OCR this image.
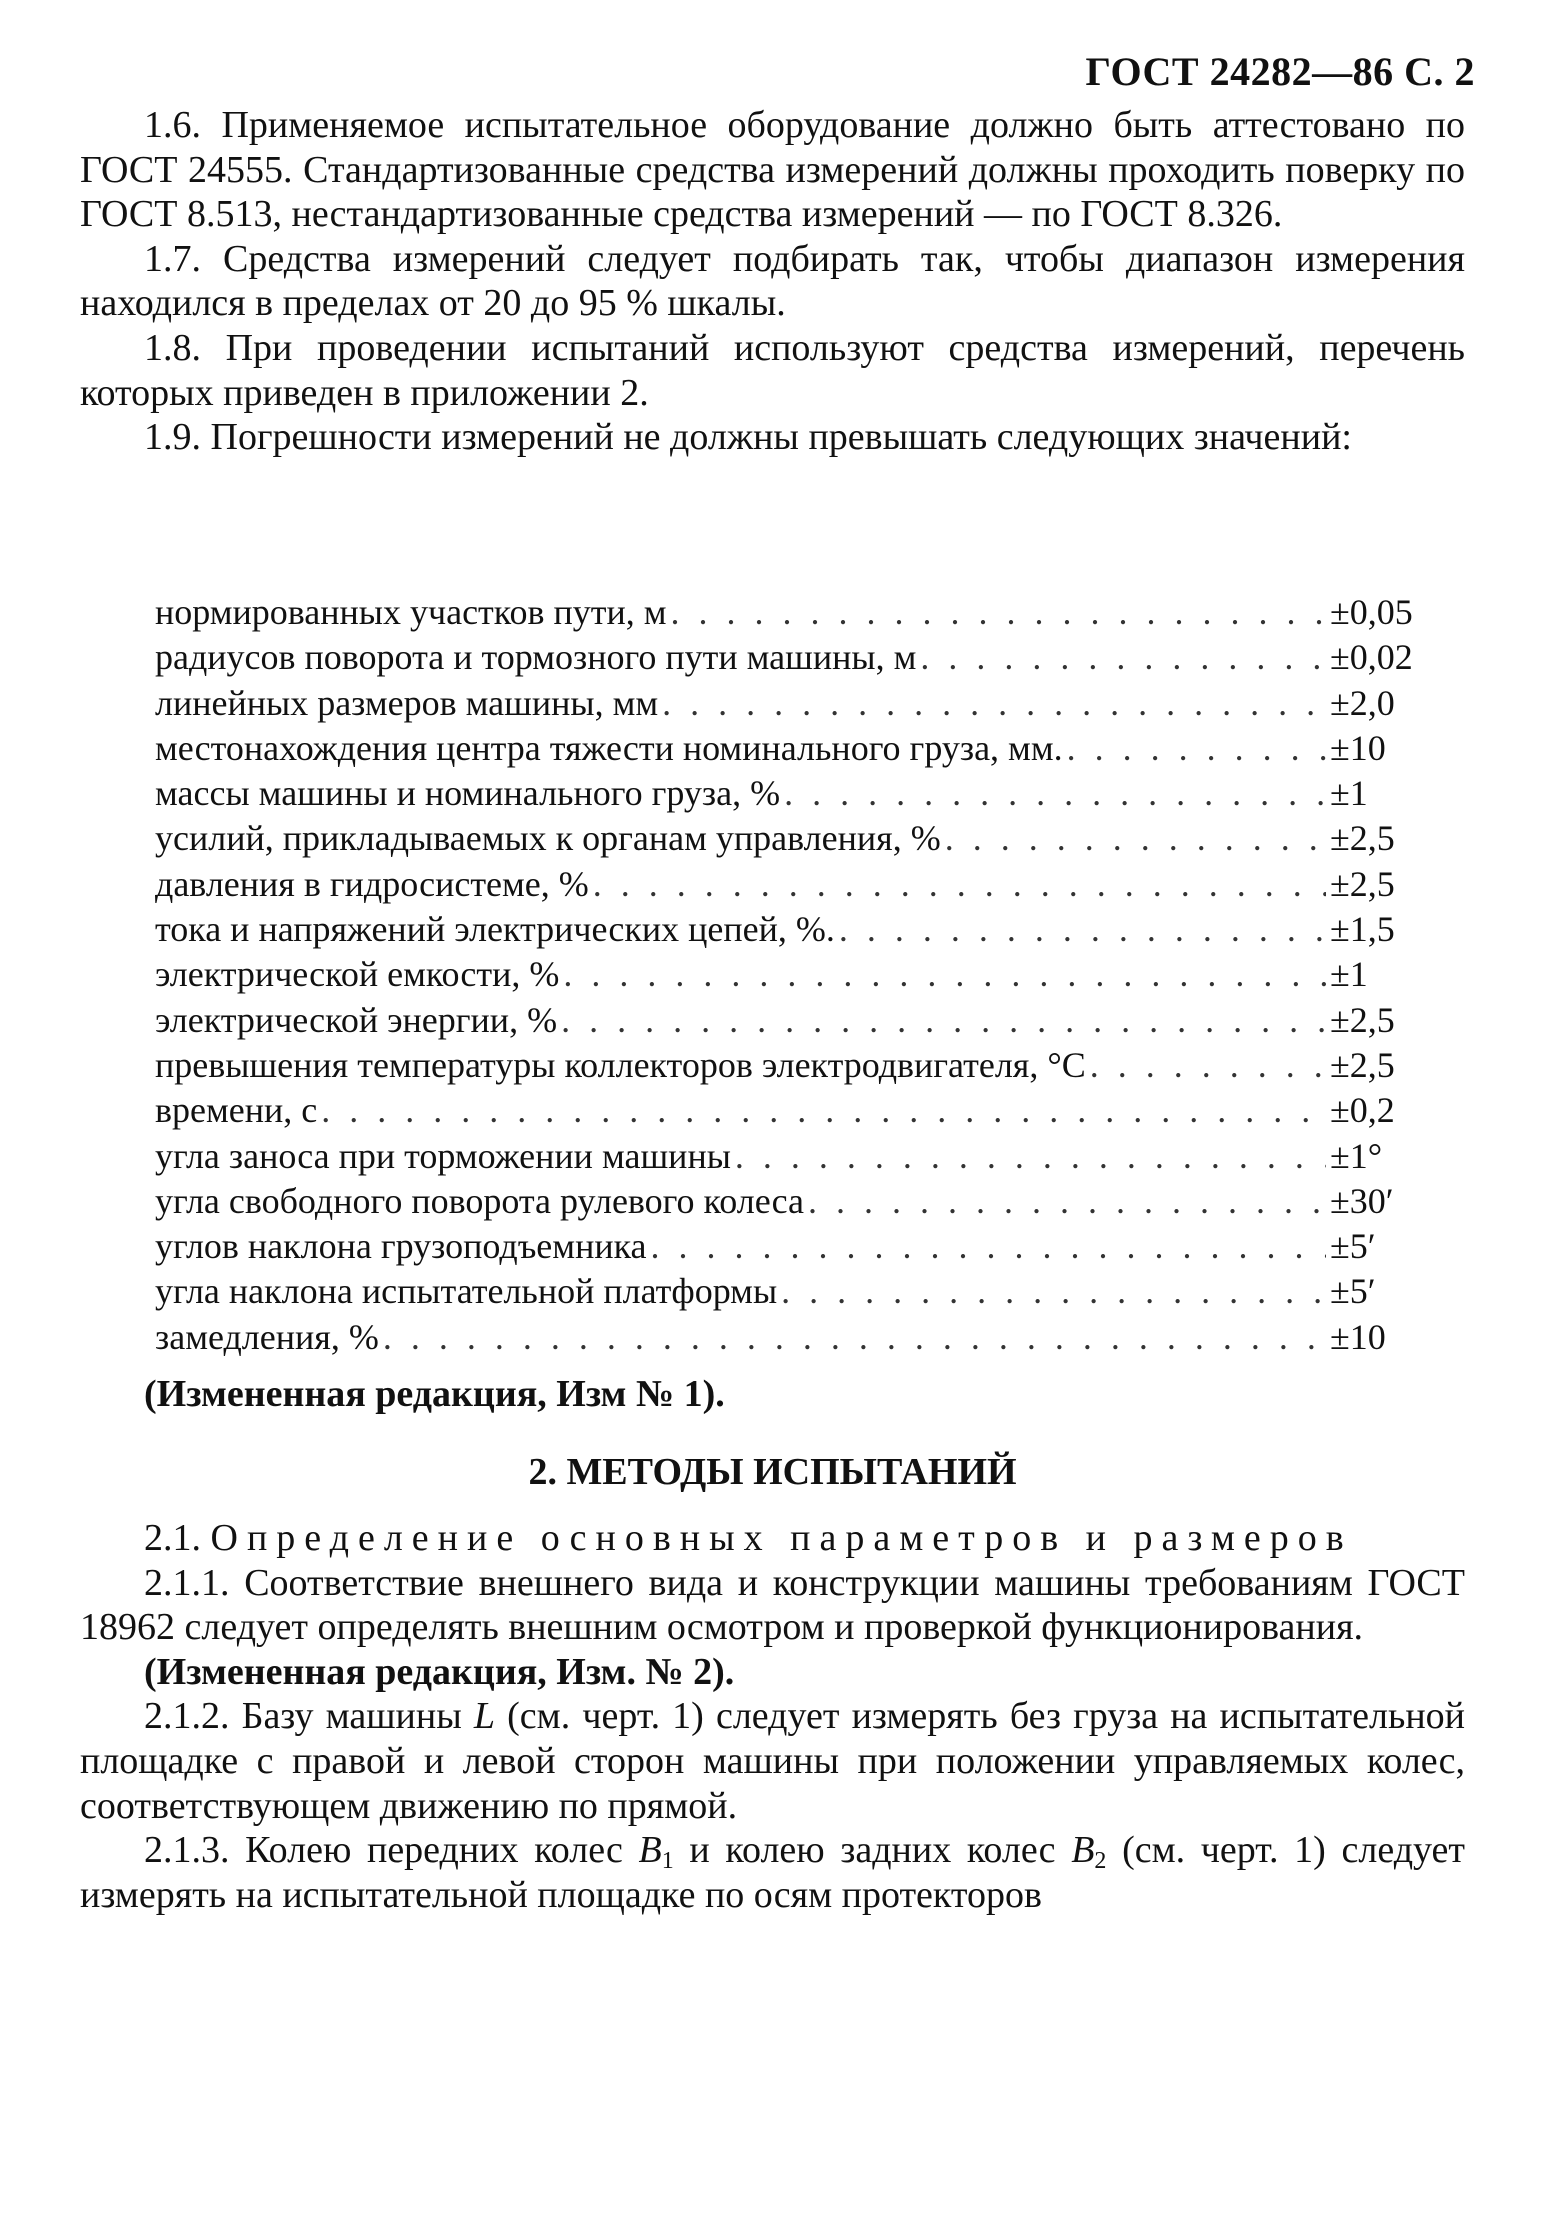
ГОСТ 24282—86 С. 2

1.6. Применяемое испытательное оборудование должно быть аттестовано по ГОСТ 24555. Стандартизованные средства измерений должны проходить поверку по ГОСТ 8.513, нестандартизованные средства измерений — по ГОСТ 8.326.

1.7. Средства измерений следует подбирать так, чтобы диапазон измерения находился в пределах от 20 до 95 % шкалы.

1.8. При проведении испытаний используют средства измерений, перечень которых приведен в приложении 2.

1.9. Погрешности измерений не должны превышать следующих значений:

нормированных участков пути, м . . .	±0,05
радиусов поворота и тормозного пути машины, м . . .	±0,02
линейных размеров машины, мм . . .	±2,0
местонахождения центра тяжести номинального груза, мм. . . .	±10
массы машины и номинального груза, % . . .	±1
усилий, прикладываемых к органам управления, % . . .	±2,5
давления в гидросистеме, % . . .	±2,5
тока и напряжений электрических цепей, %. . . .	±1,5
электрической емкости, % . . .	±1
электрической энергии, % . . .	±2,5
превышения температуры коллекторов электродвигателя, °С . . .	±2,5
времени, с . . .	±0,2
угла заноса при торможении машины . . .	±1°
угла свободного поворота рулевого колеса . . .	±30′
углов наклона грузоподъемника . . .	±5′
угла наклона испытательной платформы . . .	±5′
замедления, % . . .	±10

(Измененная редакция, Изм № 1).

2. МЕТОДЫ ИСПЫТАНИЙ

2.1. Определение основных параметров и размеров

2.1.1. Соответствие внешнего вида и конструкции машины требованиям ГОСТ 18962 следует определять внешним осмотром и проверкой функционирования.

(Измененная редакция, Изм. № 2).

2.1.2. Базу машины L (см. черт. 1) следует измерять без груза на испытательной площадке с правой и левой сторон машины при положении управляемых колес, соответствующем движению по прямой.

2.1.3. Колею передних колес $B_1$ и колею задних колес $B_2$ (см. черт. 1) следует измерять на испытательной площадке по осям протекторов
